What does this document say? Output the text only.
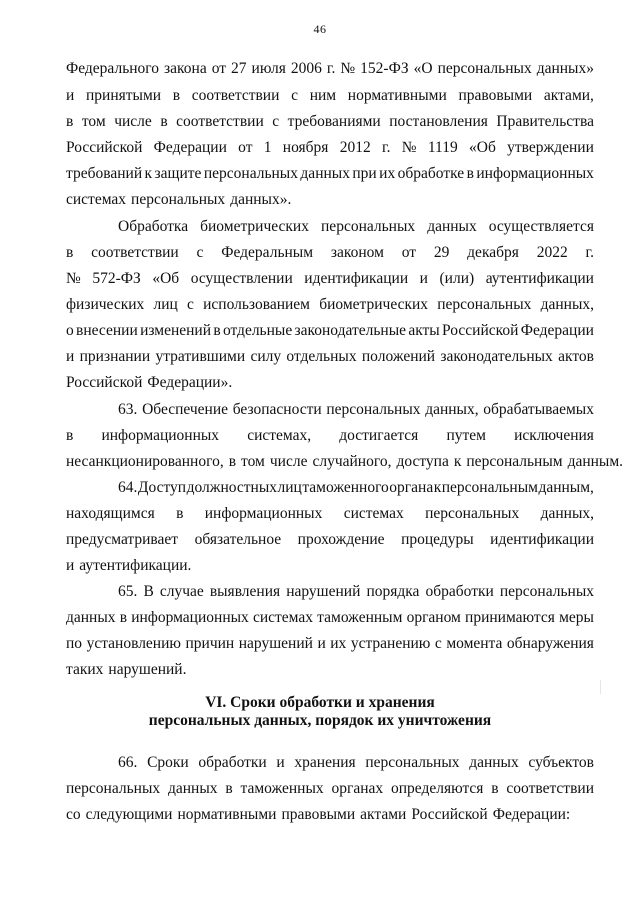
46
Федерального закона от 27 июля 2006 г. № 152-ФЗ «О персональных данных»
и принятыми в соответствии с ним нормативными правовыми актами,
в том числе в соответствии с требованиями постановления Правительства
Российской Федерации от 1 ноября 2012 г. № 1119 «Об утверждении
требований к защите персональных данных при их обработке в информационных
системах персональных данных».
Обработка биометрических персональных данных осуществляется
в соответствии с Федеральным законом от 29 декабря 2022 г.
№ 572-ФЗ «Об осуществлении идентификации и (или) аутентификации
физических лиц с использованием биометрических персональных данных,
о внесении изменений в отдельные законодательные акты Российской Федерации
и признании утратившими силу отдельных положений законодательных актов
Российской Федерации».
63. Обеспечение безопасности персональных данных, обрабатываемых
в информационных системах, достигается путем исключения
несанкционированного, в том числе случайного, доступа к персональным данным.
64. Доступ должностных лиц таможенного органа к персональным данным,
находящимся в информационных системах персональных данных,
предусматривает обязательное прохождение процедуры идентификации
и аутентификации.
65. В случае выявления нарушений порядка обработки персональных
данных в информационных системах таможенным органом принимаются меры
по установлению причин нарушений и их устранению с момента обнаружения
таких нарушений.
66. Сроки обработки и хранения персональных данных субъектов
персональных данных в таможенных органах определяются в соответствии
со следующими нормативными правовыми актами Российской Федерации:
VI. Сроки обработки и хранения
персональных данных, порядок их уничтожения
